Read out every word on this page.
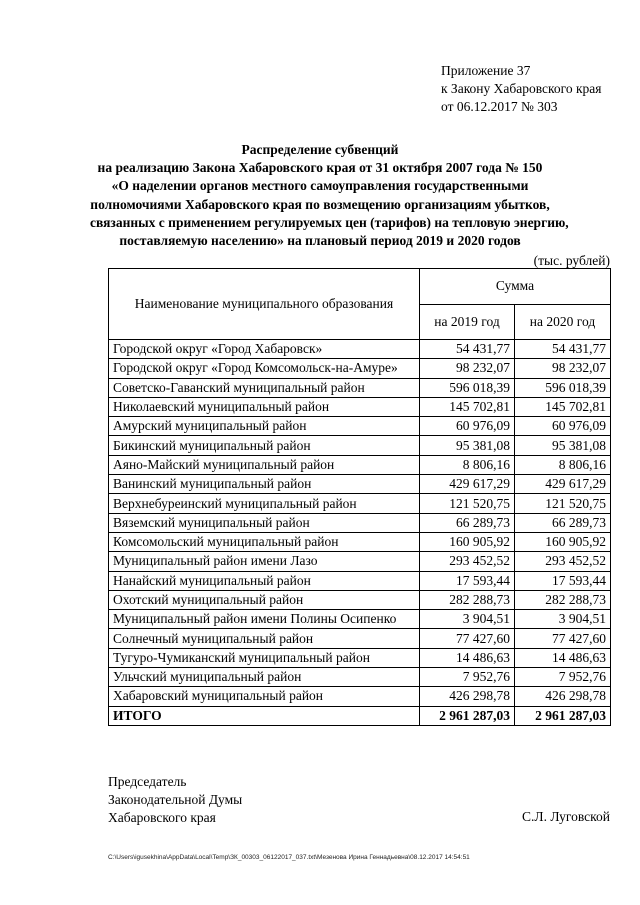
Приложение 37
к Закону Хабаровского края
от 06.12.2017 № 303
Распределение субвенций
на реализацию Закона Хабаровского края от 31 октября 2007 года № 150
«О наделении органов местного самоуправления государственными
полномочиями Хабаровского края по возмещению организациям убытков,
связанных с применением регулируемых цен (тарифов) на тепловую энергию,
поставляемую населению» на плановый период 2019 и 2020 годов
(тыс. рублей)
Наименование муниципального образования	Сумма	
	на 2019 год	на 2020 год
Городской округ «Город Хабаровск»	54 431,77	54 431,77
Городской округ «Город Комсомольск-на-Амуре»	98 232,07	98 232,07
Советско-Гаванский муниципальный район	596 018,39	596 018,39
Николаевский муниципальный район	145 702,81	145 702,81
Амурский муниципальный район	60 976,09	60 976,09
Бикинский муниципальный район	95 381,08	95 381,08
Аяно-Майский муниципальный район	8 806,16	8 806,16
Ванинский муниципальный район	429 617,29	429 617,29
Верхнебуреинский муниципальный район	121 520,75	121 520,75
Вяземский муниципальный район	66 289,73	66 289,73
Комсомольский муниципальный район	160 905,92	160 905,92
Муниципальный район имени Лазо	293 452,52	293 452,52
Нанайский муниципальный район	17 593,44	17 593,44
Охотский муниципальный район	282 288,73	282 288,73
Муниципальный район имени Полины Осипенко	3 904,51	3 904,51
Солнечный муниципальный район	77 427,60	77 427,60
Тугуро-Чумиканский муниципальный район	14 486,63	14 486,63
Ульчский муниципальный район	7 952,76	7 952,76
Хабаровский муниципальный район	426 298,78	426 298,78
ИТОГО	2 961 287,03	2 961 287,03
Председатель
Законодательной Думы
Хабаровского края	С.Л. Луговской
C:\Users\igusekhina\AppData\Local\Temp\ЗК_00303_06122017_037.txt\Мезенова Ирина Геннадьевна\08.12.2017 14:54:51
